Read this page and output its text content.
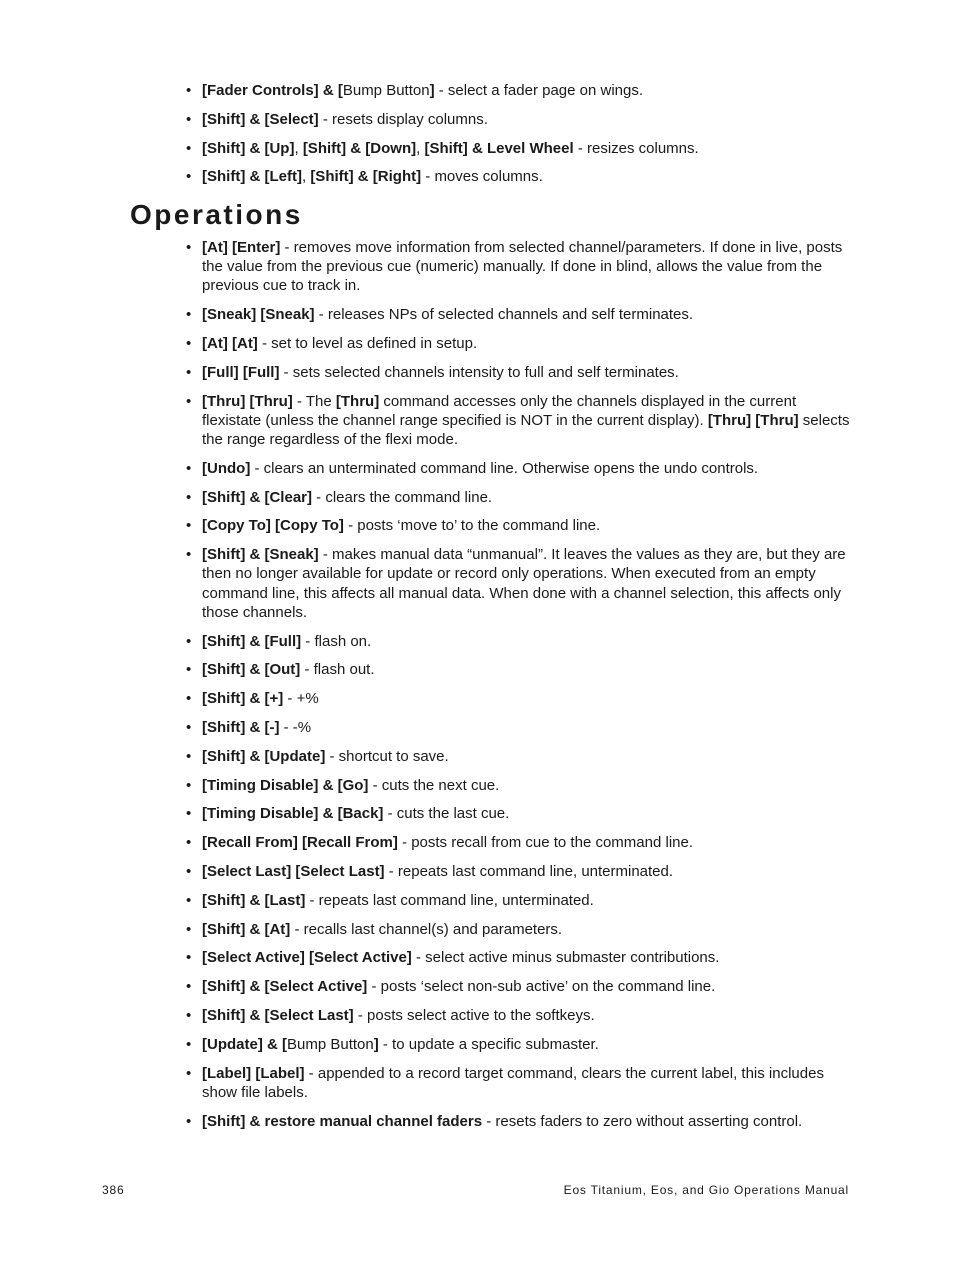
• [Fader Controls] & [Bump Button] - select a fader page on wings.
• [Shift] & [Select] - resets display columns.
• [Shift] & [Up], [Shift] & [Down], [Shift] & Level Wheel - resizes columns.
• [Shift] & [Left], [Shift] & [Right] - moves columns.
Operations
• [At] [Enter] - removes move information from selected channel/parameters. If done in live, posts the value from the previous cue (numeric) manually. If done in blind, allows the value from the previous cue to track in.
• [Sneak] [Sneak] - releases NPs of selected channels and self terminates.
• [At] [At] - set to level as defined in setup.
• [Full] [Full] - sets selected channels intensity to full and self terminates.
• [Thru] [Thru] - The [Thru] command accesses only the channels displayed in the current flexistate (unless the channel range specified is NOT in the current display). [Thru] [Thru] selects the range regardless of the flexi mode.
• [Undo] - clears an unterminated command line. Otherwise opens the undo controls.
• [Shift] & [Clear] - clears the command line.
• [Copy To] [Copy To] - posts ‘move to’ to the command line.
• [Shift] & [Sneak] - makes manual data “unmanual”. It leaves the values as they are, but they are then no longer available for update or record only operations. When executed from an empty command line, this affects all manual data. When done with a channel selection, this affects only those channels.
• [Shift] & [Full] - flash on.
• [Shift] & [Out] - flash out.
• [Shift] & [+] - +%
• [Shift] & [-] - -%
• [Shift] & [Update] - shortcut to save.
• [Timing Disable] & [Go] - cuts the next cue.
• [Timing Disable] & [Back] - cuts the last cue.
• [Recall From] [Recall From] - posts recall from cue to the command line.
• [Select Last] [Select Last] - repeats last command line, unterminated.
• [Shift] & [Last] - repeats last command line, unterminated.
• [Shift] & [At] - recalls last channel(s) and parameters.
• [Select Active] [Select Active] - select active minus submaster contributions.
• [Shift] & [Select Active] - posts ‘select non-sub active’ on the command line.
• [Shift] & [Select Last] - posts select active to the softkeys.
• [Update] & [Bump Button] - to update a specific submaster.
• [Label] [Label] - appended to a record target command, clears the current label, this includes show file labels.
• [Shift] & restore manual channel faders - resets faders to zero without asserting control.
386	Eos Titanium, Eos, and Gio Operations Manual
